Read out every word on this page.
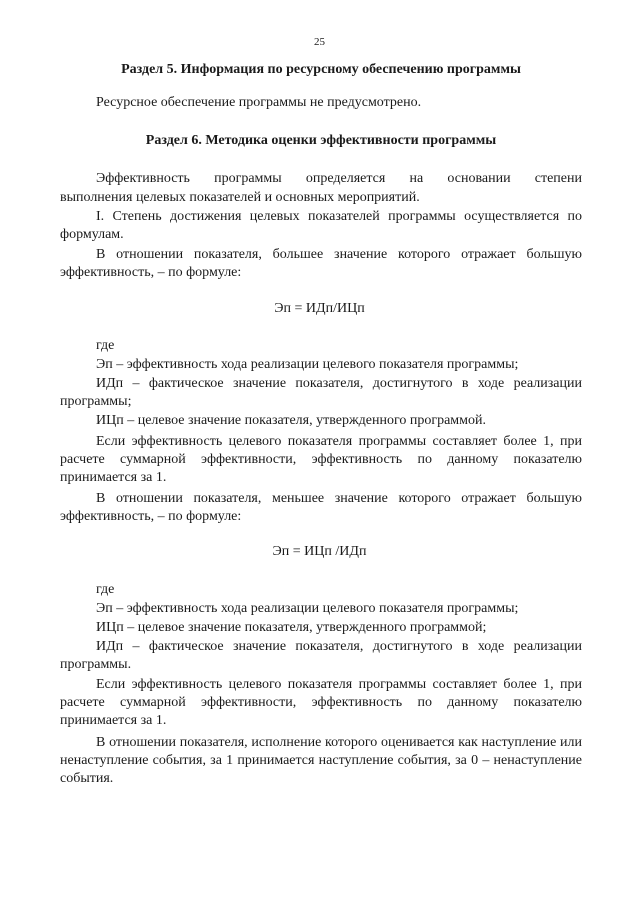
25
Раздел 5. Информация по ресурсному обеспечению программы
Ресурсное обеспечение программы не предусмотрено.
Раздел 6. Методика оценки эффективности программы
Эффективность программы определяется на основании степени
выполнения целевых показателей и основных мероприятий.
I. Степень достижения целевых показателей программы осуществляется по формулам.
В отношении показателя, большее значение которого отражает большую эффективность, – по формуле:
Эп = ИДп/ИЦп
где
Эп – эффективность хода реализации целевого показателя программы;
ИДп – фактическое значение показателя, достигнутого в ходе реализации программы;
ИЦп – целевое значение показателя, утвержденного программой.
Если эффективность целевого показателя программы составляет более 1, при расчете суммарной эффективности, эффективность по данному показателю принимается за 1.
В отношении показателя, меньшее значение которого отражает большую эффективность, – по формуле:
Эп = ИЦп /ИДп
где
Эп – эффективность хода реализации целевого показателя программы;
ИЦп – целевое значение показателя, утвержденного программой;
ИДп – фактическое значение показателя, достигнутого в ходе реализации программы.
Если эффективность целевого показателя программы составляет более 1, при расчете суммарной эффективности, эффективность по данному показателю принимается за 1.
В отношении показателя, исполнение которого оценивается как наступление или ненаступление события, за 1 принимается наступление события, за 0 – ненаступление события.
